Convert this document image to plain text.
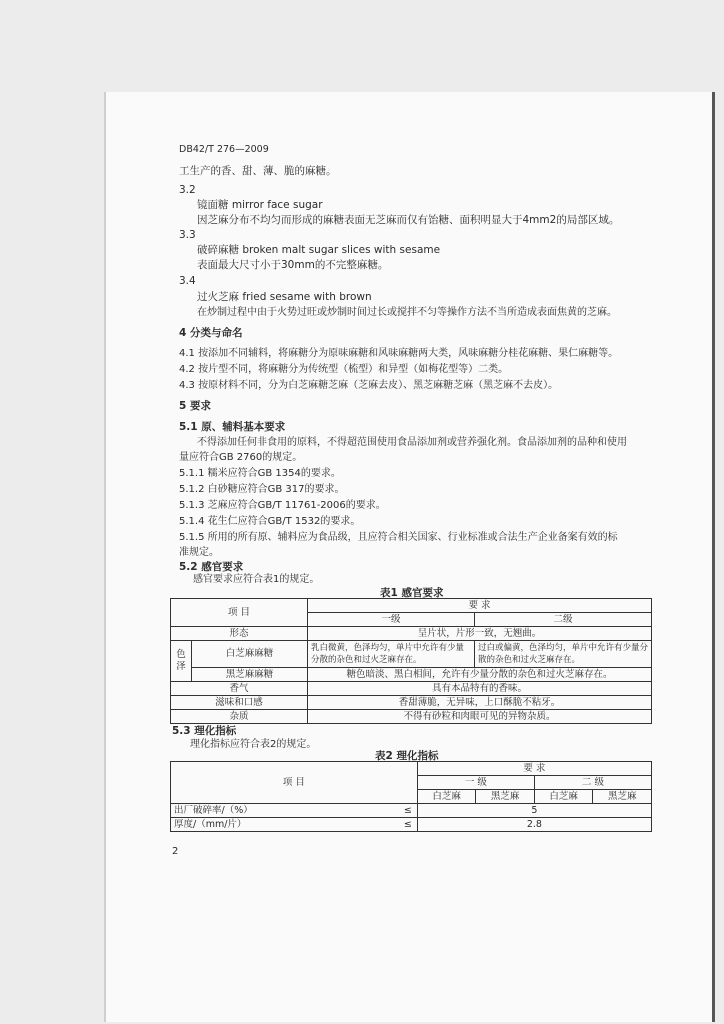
DB42/T 276—2009
工生产的香、甜、薄、脆的麻糖。
3.2
镜面糖 mirror face sugar
因芝麻分布不均匀而形成的麻糖表面无芝麻而仅有饴糖、面积明显大于4mm2的局部区域。
3.3
破碎麻糖 broken malt sugar slices with sesame
表面最大尺寸小于30mm的不完整麻糖。
3.4
过火芝麻 fried sesame with brown
在炒制过程中由于火势过旺或炒制时间过长或搅拌不匀等操作方法不当所造成表面焦黄的芝麻。
4 分类与命名
4.1 按添加不同辅料，将麻糖分为原味麻糖和风味麻糖两大类，风味麻糖分桂花麻糖、果仁麻糖等。
4.2 按片型不同，将麻糖分为传统型（梳型）和异型（如梅花型等）二类。
4.3 按原材料不同，分为白芝麻糖芝麻（芝麻去皮）、黑芝麻糖芝麻（黑芝麻不去皮）。
5 要求
5.1 原、辅料基本要求
不得添加任何非食用的原料，不得超范围使用食品添加剂或营养强化剂。食品添加剂的品种和使用
量应符合GB 2760的规定。
5.1.1 糯米应符合GB 1354的要求。
5.1.2 白砂糖应符合GB 317的要求。
5.1.3 芝麻应符合GB/T 11761-2006的要求。
5.1.4 花生仁应符合GB/T 1532的要求。
5.1.5 所用的所有原、辅料应为食品级，且应符合相关国家、行业标准或合法生产企业备案有效的标
准规定。
5.2 感官要求
感官要求应符合表1的规定。
表1 感官要求
项 目		要 求	
		一级	二级
形态		呈片状，片形一致，无翘曲。	
色 泽	白芝麻麻糖	乳白微黄，色泽均匀，单片中允许有少量分散的杂色和过火芝麻存在。	过白或偏黄，色泽均匀，单片中允许有少量分散的杂色和过火芝麻存在。
	黑芝麻麻糖	糖色暗淡、黑白相间，允许有少量分散的杂色和过火芝麻存在。	
香气		具有本品特有的香味。	
滋味和口感		香甜薄脆，无异味，上口酥脆不粘牙。	
杂质		不得有砂粒和肉眼可见的异物杂质。	
5.3 理化指标
理化指标应符合表2的规定。
表2 理化指标
项 目		要 求			
		一 级		二 级	
		白芝麻	黑芝麻	白芝麻	黑芝麻
出厂破碎率/（%）	≤	5			
厚度/（mm/片）	≤	2.8			
2
